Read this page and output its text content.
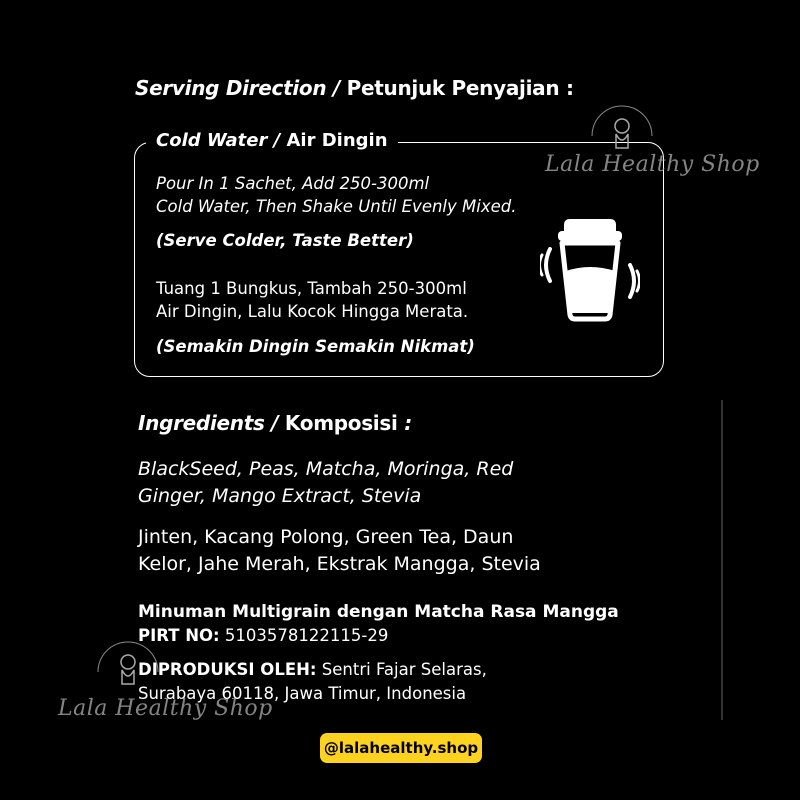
Serving Direction / Petunjuk Penyajian :
Cold Water / Air Dingin
Pour In 1 Sachet, Add 250-300ml
Cold Water, Then Shake Until Evenly Mixed.
(Serve Colder, Taste Better)
Tuang 1 Bungkus, Tambah 250-300ml
Air Dingin, Lalu Kocok Hingga Merata.
(Semakin Dingin Semakin Nikmat)
Ingredients / Komposisi :
BlackSeed, Peas, Matcha, Moringa, Red
Ginger, Mango Extract, Stevia
Jinten, Kacang Polong, Green Tea, Daun
Kelor, Jahe Merah, Ekstrak Mangga, Stevia
Minuman Multigrain dengan Matcha Rasa Mangga
PIRT NO: 5103578122115-29
DIPRODUKSI OLEH: Sentri Fajar Selaras,
Surabaya 60118, Jawa Timur, Indonesia
@lalahealthy.shop
Lala Healthy Shop
Lala Healthy Shop
